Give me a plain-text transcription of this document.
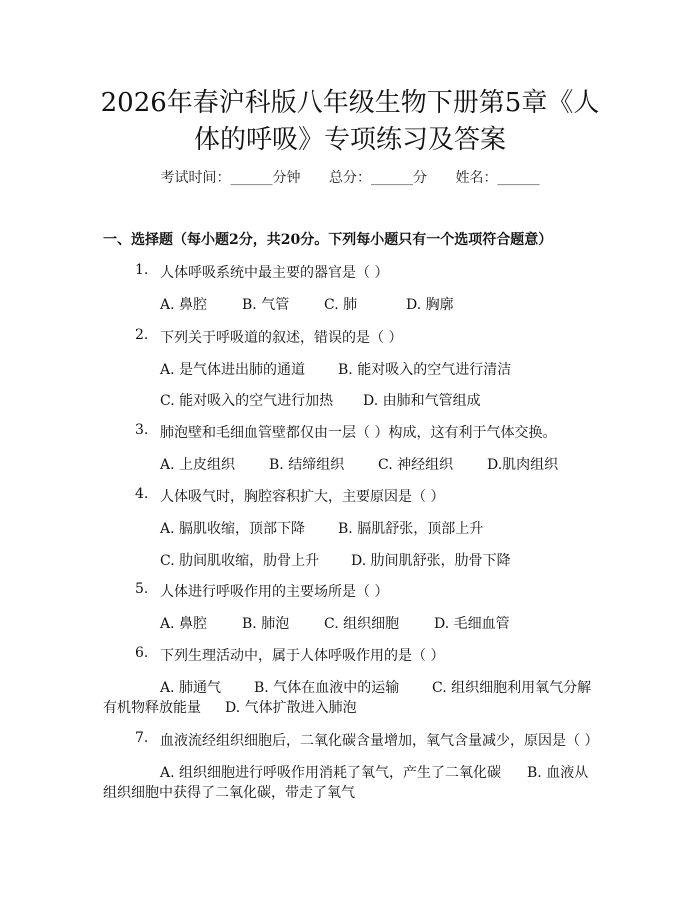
2026年春沪科版八年级生物下册第5章《人
体的呼吸》专项练习及答案
考试时间：______分钟 总分：______分 姓名：______
一、选择题（每小题2分，共20分。下列每小题只有一个选项符合题意）
1. 人体呼吸系统中最主要的器官是（ ）
A. 鼻腔 B. 气管 C. 肺	D. 胸廓
2. 下列关于呼吸道的叙述，错误的是（ ）
A. 是气体进出肺的通道 B. 能对吸入的空气进行清洁
C. 能对吸入的空气进行加热 D. 由肺和气管组成
3. 肺泡壁和毛细血管壁都仅由一层（ ）构成，这有利于气体交换。
A. 上皮组织 B. 结缔组织 C. 神经组织 D.肌肉组织
4. 人体吸气时，胸腔容积扩大，主要原因是（ ）
A. 膈肌收缩，顶部下降 B. 膈肌舒张，顶部上升
C. 肋间肌收缩，肋骨上升 D. 肋间肌舒张，肋骨下降
5. 人体进行呼吸作用的主要场所是（ ）
A. 鼻腔 B. 肺泡 C. 组织细胞 D. 毛细血管
6. 下列生理活动中，属于人体呼吸作用的是（ ）
A. 肺通气 B. 气体在血液中的运输 C. 组织细胞利用氧气分解
有机物释放能量 D. 气体扩散进入肺泡
7. 血液流经组织细胞后，二氧化碳含量增加，氧气含量减少，原因是（ ）
A. 组织细胞进行呼吸作用消耗了氧气，产生了二氧化碳 B. 血液从
组织细胞中获得了二氧化碳，带走了氧气
